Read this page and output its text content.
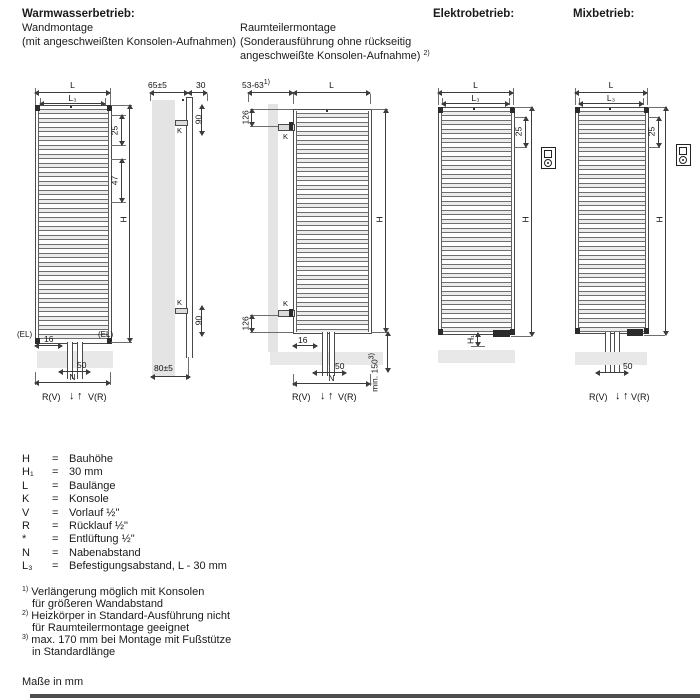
Warmwasserbetrieb:
Wandmontage
(mit angeschweißten Konsolen-Aufnahmen)
Raumteilermontage
(Sonderausführung ohne rückseitig
angeschweißte Konsolen-Aufnahme) $^{2)}$
Elektrobetrieb:	Mixbetrieb:
L
L₃
25
47
H
(EL) 16	(EL)
50
N
R(V) ↓ ↑ V(R)
65±5	30
K
90
K
90
80±5
53-63$^{1)}$	L
K
126
H
K
126
16
50
N	min. 150$^{3)}$
R(V) ↓ ↑ V(R)
L
L₃
25
H
H₁
L
L₃
25
H
50
R(V) ↓ ↑ V(R)
H	= Bauhöhe
H₁	= 30 mm
L	= Baulänge
K	= Konsole
V	= Vorlauf ½"
R	= Rücklauf ½"
*	= Entlüftung ½"
N	= Nabenabstand
L₃	= Befestigungsabstand, L - 30 mm
$^{1)}$ Verlängerung möglich mit Konsolen
für größeren Wandabstand
$^{2)}$ Heizkörper in Standard-Ausführung nicht
für Raumteilermontage geeignet
$^{3)}$ max. 170 mm bei Montage mit Fußstütze
in Standardlänge
Maße in mm
